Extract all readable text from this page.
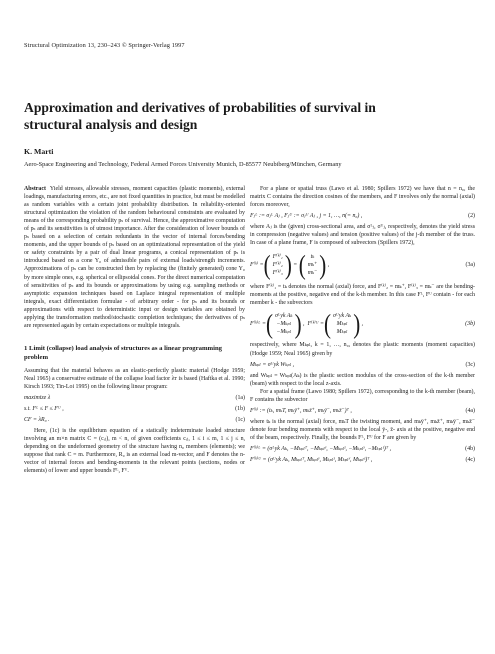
Structural Optimization 13, 230–243 © Springer-Verlag 1997
Approximation and derivatives of probabilities of survival in
structural analysis and design
K. Marti
Aero-Space Engineering and Technology, Federal Armed Forces University Munich, D-85577 Neubiberg/München, Germany

Abstract Yield stresses, allowable stresses, moment capacities (plastic moments), external loadings, manufacturing errors, etc., are not fixed quantities in practice, but must be modelled as random variables with a certain joint probability distribution. In reliability-oriented structural optimization the violation of the random behavioural constraints are evaluated by means of the corresponding probability pₛ of survival. Hence, the approximative computation of pₛ and its sensitivities is of utmost importance. After the consideration of lower bounds of pₛ based on a selection of certain redundants in the vector of internal forces/bending moments, and the upper bounds of pₛ based on an optimizational representation of the yield or safety constraints by a pair of dual linear programs, a conical representation of pₛ is introduced based on a cone Y₀ of admissible pairs of external loads/strength increments. Approximations of pₛ can be constructed then by replacing the (finitely generated) cone Y₀ by more simple ones, e.g. spherical or ellipsoidal cones. For the direct numerical computation of sensitivities of pₛ and its bounds or approximations by using e.g. sampling methods or asymptotic expansion techniques based on Laplace integral representation of multiple integrals, exact differentiation formulae - of arbitrary order - for pₛ and its bounds or approximations with respect to deterministic input or design variables are obtained by applying the transformation method/stochastic completion techniques; the derivatives of pₛ are represented again by certain expectations or multiple integrals.

1 Limit (collapse) load analysis of structures as a linear programming problem

Assuming that the material behaves as an elastic-perfectly plastic material (Hodge 1959; Neal 1965) a conservative estimate of the collapse load factor λᴛ is based (Haftka et al. 1990; Kirsch 1993; Tin-Loi 1995) on the following linear program:

maximize λ	(1a)
s.t. Fᴸ ≤ F ≤ Fᵁ ,	(1b)
CF = λR₀ .	(1c)

Here, (1c) is the equilibrium equation of a statically indeterminate loaded structure involving an m×n matrix C = (cᵢⱼ), m < n, of given coefficients cᵢⱼ, 1 ≤ i ≤ m, 1 ≤ j ≤ n, depending on the undeformed geometry of the structure having n₀ members (elements); we suppose that rank C = m. Furthermore, R₀ is an external load m-vector, and F denotes the n-vector of internal forces and bending-moments in the relevant points (sections, nodes or elements) of lower and upper bounds Fᴸ, Fᵁ.

For a plane or spatial truss (Lawo et al. 1980; Spillers 1972) we have that n = n₀, the matrix C contains the direction cosines of the members, and F involves only the normal (axial) forces moreover,

Fⱼᴸ := σⱼᴸ Aⱼ , Fⱼᵁ := σⱼᵁ Aⱼ , j = 1, …, n(= n₀) ,	(2)

where Aⱼ is the (given) cross-sectional area, and σᴸⱼ, σᵁⱼ, respectively, denotes the yield stress in compression (negative values) and tension (positive values) of the j-th member of the truss. In case of a plane frame, F is composed of subvectors (Spillers 1972),

F⁽ᵏ⁾ = ( F⁽ᵏ⁾₁
F⁽ᵏ⁾₂
F⁽ᵏ⁾₃ ) = ( tₖ
mₖ⁺
mₖ⁻ ) ,	(3a)

where F⁽ᵏ⁾₁ = tₖ denotes the normal (axial) force, and F⁽ᵏ⁾₂ = mₖ⁺, F⁽ᵏ⁾₃ = mₖ⁻ are the bending-moments at the positive, negative end of the k-th member. In this case Fᴸ, Fᵁ contain - for each member k - the subvectors

F⁽ᵏ⁾ᴸ = ( σᴸyk Aₖ
−Mₖₚₗ
−Mₖₚₗ ) , F⁽ᵏ⁾ᵁ = ( σᵁyk Aₖ
Mₖₚₗ
Mₖₚₗ ) ,	(3b)

respectively, where Mₖₚₗ, k = 1, …, n₀, denotes the plastic moments (moment capacities) (Hodge 1959; Neal 1965) given by

Mₖₚₗ = σᵁyk Wₖₚₗ ,	(3c)

and Wₖₚₗ = Wₖₚₗ(Aₖ) is the plastic section modulus of the cross-section of the k-th member (beam) with respect to the local z-axis.

For a spatial frame (Lawo 1980; Spillers 1972), corresponding to the k-th member (beam), F contains the subvector

F⁽ᵏ⁾ := (tₖ, mₖT, mₖȳ⁺, mₖz̄⁺, mₖȳ⁻, mₖz̄⁻)ᵀ ,	(4a)

where tₖ is the normal (axial) force, mₖT the twisting moment, and mₖȳ⁺, mₖz̄⁺, mₖȳ⁻, mₖz̄⁻ denote four bending moments with respect to the local ȳ-, z̄- axis at the positive, negative end of the beam, respectively. Finally, the bounds Fᴸ, Fᵁ for F are given by

F⁽ᵏ⁾ᴸ = (σᴸyk Aₖ, −Mₖₚₗᵀ, −Mₖₚₗʸ, −Mₖₚₗᶻ, −Mₖₚₗʸ, −Mₖₚₗᶻ)ᵀ ,	(4b)
F⁽ᵏ⁾ᵁ = (σᵁyk Aₖ, Mₖₚₗᵀ, Mₖₚₗʸ, Mₖₚₗᶻ, Mₖₚₗʸ, Mₖₚₗᶻ)ᵀ ,	(4c)
